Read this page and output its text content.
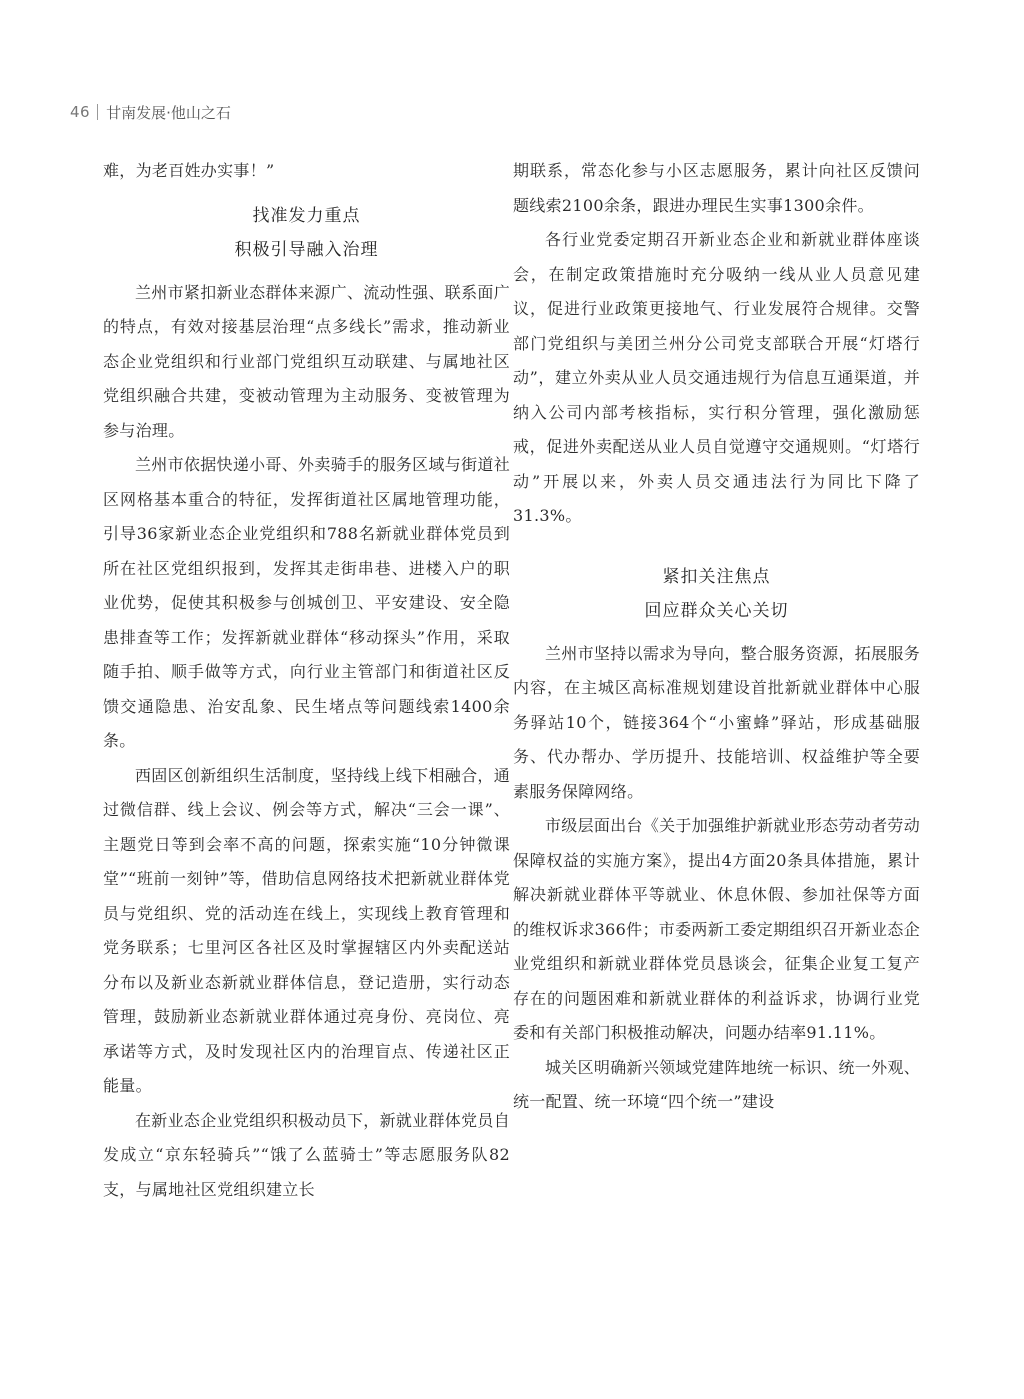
46 甘南发展·他山之石

难，为老百姓办实事！”

找准发力重点

积极引导融入治理

兰州市紧扣新业态群体来源广、流动性强、联系面广的特点，有效对接基层治理“点多线长”需求，推动新业态企业党组织和行业部门党组织互动联建、与属地社区党组织融合共建，变被动管理为主动服务、变被管理为参与治理。

兰州市依据快递小哥、外卖骑手的服务区域与街道社区网格基本重合的特征，发挥街道社区属地管理功能，引导36家新业态企业党组织和788名新就业群体党员到所在社区党组织报到，发挥其走街串巷、进楼入户的职业优势，促使其积极参与创城创卫、平安建设、安全隐患排查等工作；发挥新就业群体“移动探头”作用，采取随手拍、顺手做等方式，向行业主管部门和街道社区反馈交通隐患、治安乱象、民生堵点等问题线索1400余条。

西固区创新组织生活制度，坚持线上线下相融合，通过微信群、线上会议、例会等方式，解决“三会一课”、主题党日等到会率不高的问题，探索实施“10分钟微课堂”“班前一刻钟”等，借助信息网络技术把新就业群体党员与党组织、党的活动连在线上，实现线上教育管理和党务联系；七里河区各社区及时掌握辖区内外卖配送站分布以及新业态新就业群体信息，登记造册，实行动态管理，鼓励新业态新就业群体通过亮身份、亮岗位、亮承诺等方式，及时发现社区内的治理盲点、传递社区正能量。

在新业态企业党组织积极动员下，新就业群体党员自发成立“京东轻骑兵”“饿了么蓝骑士”等志愿服务队82支，与属地社区党组织建立长

期联系，常态化参与小区志愿服务，累计向社区反馈问题线索2100余条，跟进办理民生实事1300余件。

各行业党委定期召开新业态企业和新就业群体座谈会，在制定政策措施时充分吸纳一线从业人员意见建议，促进行业政策更接地气、行业发展符合规律。交警部门党组织与美团兰州分公司党支部联合开展“灯塔行动”，建立外卖从业人员交通违规行为信息互通渠道，并纳入公司内部考核指标，实行积分管理，强化激励惩戒，促进外卖配送从业人员自觉遵守交通规则。“灯塔行动”开展以来，外卖人员交通违法行为同比下降了31.3%。

紧扣关注焦点

回应群众关心关切

兰州市坚持以需求为导向，整合服务资源，拓展服务内容，在主城区高标准规划建设首批新就业群体中心服务驿站10个，链接364个“小蜜蜂”驿站，形成基础服务、代办帮办、学历提升、技能培训、权益维护等全要素服务保障网络。

市级层面出台《关于加强维护新就业形态劳动者劳动保障权益的实施方案》，提出4方面20条具体措施，累计解决新就业群体平等就业、休息休假、参加社保等方面的维权诉求366件；市委两新工委定期组织召开新业态企业党组织和新就业群体党员恳谈会，征集企业复工复产存在的问题困难和新就业群体的利益诉求，协调行业党委和有关部门积极推动解决，问题办结率91.11%。

城关区明确新兴领域党建阵地统一标识、统一外观、统一配置、统一环境“四个统一”建设
